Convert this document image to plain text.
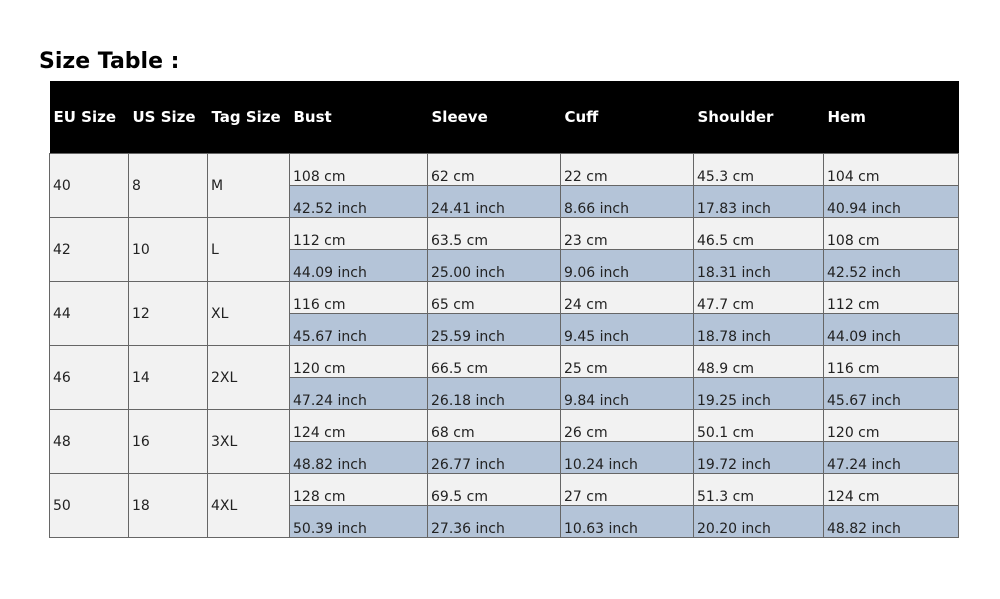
Size Table :
EU Size	US Size	Tag Size	Bust	Sleeve	Cuff	Shoulder	Hem
40	8	M	108 cm	62 cm	22 cm	45.3 cm	104 cm
			42.52 inch	24.41 inch	8.66 inch	17.83 inch	40.94 inch
42	10	L	112 cm	63.5 cm	23 cm	46.5 cm	108 cm
			44.09 inch	25.00 inch	9.06 inch	18.31 inch	42.52 inch
44	12	XL	116 cm	65 cm	24 cm	47.7 cm	112 cm
			45.67 inch	25.59 inch	9.45 inch	18.78 inch	44.09 inch
46	14	2XL	120 cm	66.5 cm	25 cm	48.9 cm	116 cm
			47.24 inch	26.18 inch	9.84 inch	19.25 inch	45.67 inch
48	16	3XL	124 cm	68 cm	26 cm	50.1 cm	120 cm
			48.82 inch	26.77 inch	10.24 inch	19.72 inch	47.24 inch
50	18	4XL	128 cm	69.5 cm	27 cm	51.3 cm	124 cm
			50.39 inch	27.36 inch	10.63 inch	20.20 inch	48.82 inch
